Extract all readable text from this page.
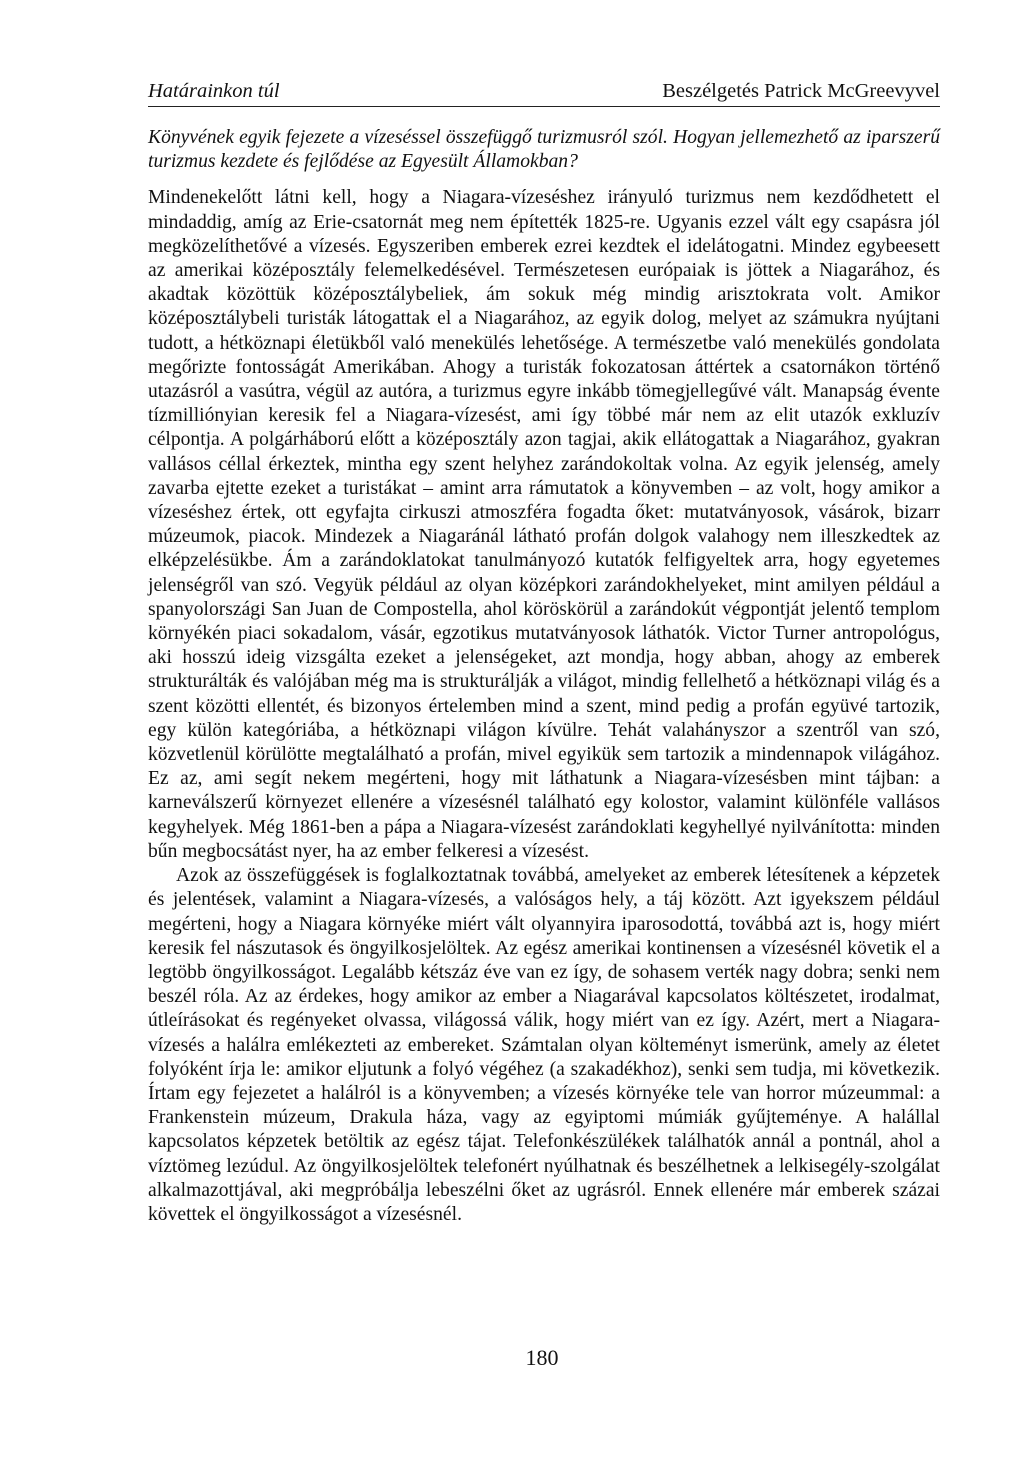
Határainkon túl	Beszélgetés Patrick McGreevyvel

Könyvének egyik fejezete a vízeséssel összefüggő turizmusról szól. Hogyan jellemezhető az iparszerű turizmus kezdete és fejlődése az Egyesült Államokban?

Mindenekelőtt látni kell, hogy a Niagara-vízeséshez irányuló turizmus nem kezdődhetett el mindaddig, amíg az Erie-csatornát meg nem építették 1825-re. Ugyanis ezzel vált egy csapásra jól megközelíthetővé a vízesés. Egyszeriben emberek ezrei kezdtek el idelátogatni. Mindez egybeesett az amerikai középosztály felemelkedésével. Természetesen európaiak is jöttek a Niagarához, és akadtak közöttük középosztálybeliek, ám sokuk még mindig arisztokrata volt. Amikor középosztálybeli turisták látogattak el a Niagarához, az egyik dolog, melyet az számukra nyújtani tudott, a hétköznapi életükből való menekülés lehetősége. A természetbe való menekülés gondolata megőrizte fontosságát Amerikában. Ahogy a turisták fokozatosan áttértek a csatornákon történő utazásról a vasútra, végül az autóra, a turizmus egyre inkább tömegjellegűvé vált. Manapság évente tízmilliónyian keresik fel a Niagara-vízesést, ami így többé már nem az elit utazók exkluzív célpontja. A polgárháború előtt a középosztály azon tagjai, akik ellátogattak a Niagarához, gyakran vallásos céllal érkeztek, mintha egy szent helyhez zarándokoltak volna. Az egyik jelenség, amely zavarba ejtette ezeket a turistákat – amint arra rámutatok a könyvemben – az volt, hogy amikor a vízeséshez értek, ott egyfajta cirkuszi atmoszféra fogadta őket: mutatványosok, vásárok, bizarr múzeumok, piacok. Mindezek a Niagaránál látható profán dolgok valahogy nem illeszkedtek az elképzelésükbe. Ám a zarándoklatokat tanulmányozó kutatók felfigyeltek arra, hogy egyetemes jelenségről van szó. Vegyük például az olyan középkori zarándokhelyeket, mint amilyen például a spanyolországi San Juan de Compostella, ahol köröskörül a zarándokút végpontját jelentő templom környékén piaci sokadalom, vásár, egzotikus mutatványosok láthatók. Victor Turner antropológus, aki hosszú ideig vizsgálta ezeket a jelenségeket, azt mondja, hogy abban, ahogy az emberek strukturálták és valójában még ma is strukturálják a világot, mindig fellelhető a hétköznapi világ és a szent közötti ellentét, és bizonyos értelemben mind a szent, mind pedig a profán együvé tartozik, egy külön kategóriába, a hétköznapi világon kívülre. Tehát valahányszor a szentről van szó, közvetlenül körülötte megtalálható a profán, mivel egyikük sem tartozik a mindennapok világához. Ez az, ami segít nekem megérteni, hogy mit láthatunk a Niagara-vízesésben mint tájban: a karneválszerű környezet ellenére a vízesésnél található egy kolostor, valamint különféle vallásos kegyhelyek. Még 1861-ben a pápa a Niagara-vízesést zarándoklati kegyhellyé nyilvánította: minden bűn megbocsátást nyer, ha az ember felkeresi a vízesést.

Azok az összefüggések is foglalkoztatnak továbbá, amelyeket az emberek létesítenek a képzetek és jelentések, valamint a Niagara-vízesés, a valóságos hely, a táj között. Azt igyekszem például megérteni, hogy a Niagara környéke miért vált olyannyira iparosodottá, továbbá azt is, hogy miért keresik fel nászutasok és öngyilkosjelöltek. Az egész amerikai kontinensen a vízesésnél követik el a legtöbb öngyilkosságot. Legalább kétszáz éve van ez így, de sohasem verték nagy dobra; senki nem beszél róla. Az az érdekes, hogy amikor az ember a Niagarával kapcsolatos költészetet, irodalmat, útleírásokat és regényeket olvassa, világossá válik, hogy miért van ez így. Azért, mert a Niagara-vízesés a halálra emlékezteti az embereket. Számtalan olyan költeményt ismerünk, amely az életet folyóként írja le: amikor eljutunk a folyó végéhez (a szakadékhoz), senki sem tudja, mi következik. Írtam egy fejezetet a halálról is a könyvemben; a vízesés környéke tele van horror múzeummal: a Frankenstein múzeum, Drakula háza, vagy az egyiptomi múmiák gyűjteménye. A halállal kapcsolatos képzetek betöltik az egész tájat. Telefonkészülékek találhatók annál a pontnál, ahol a víztömeg lezúdul. Az öngyilkosjelöltek telefonért nyúlhatnak és beszélhetnek a lelkisegély-szolgálat alkalmazottjával, aki megpróbálja lebeszélni őket az ugrásról. Ennek ellenére már emberek százai követtek el öngyilkosságot a vízesésnél.

180
